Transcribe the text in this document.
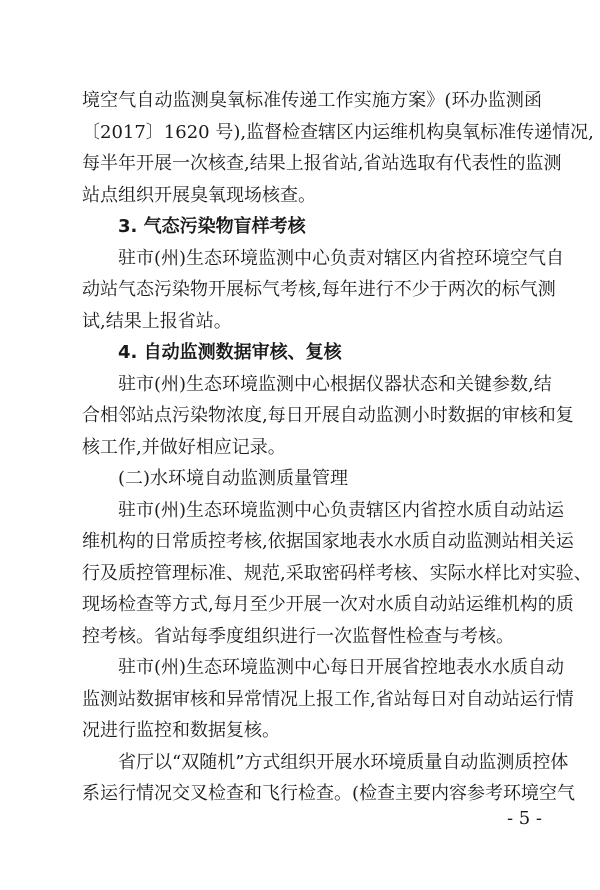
境空气自动监测臭氧标准传递工作实施方案》(环办监测函
〔2017〕1620 号),监督检查辖区内运维机构臭氧标准传递情况,
每半年开展一次核查,结果上报省站,省站选取有代表性的监测
站点组织开展臭氧现场核查。
3. 气态污染物盲样考核
驻市(州)生态环境监测中心负责对辖区内省控环境空气自
动站气态污染物开展标气考核,每年进行不少于两次的标气测
试,结果上报省站。
4. 自动监测数据审核、复核
驻市(州)生态环境监测中心根据仪器状态和关键参数,结
合相邻站点污染物浓度,每日开展自动监测小时数据的审核和复
核工作,并做好相应记录。
(二)水环境自动监测质量管理
驻市(州)生态环境监测中心负责辖区内省控水质自动站运
维机构的日常质控考核,依据国家地表水水质自动监测站相关运
行及质控管理标准、规范,采取密码样考核、实际水样比对实验、
现场检查等方式,每月至少开展一次对水质自动站运维机构的质
控考核。省站每季度组织进行一次监督性检查与考核。
驻市(州)生态环境监测中心每日开展省控地表水水质自动
监测站数据审核和异常情况上报工作,省站每日对自动站运行情
况进行监控和数据复核。
省厅以“双随机”方式组织开展水环境质量自动监测质控体
系运行情况交叉检查和飞行检查。(检查主要内容参考环境空气
- 5 -
